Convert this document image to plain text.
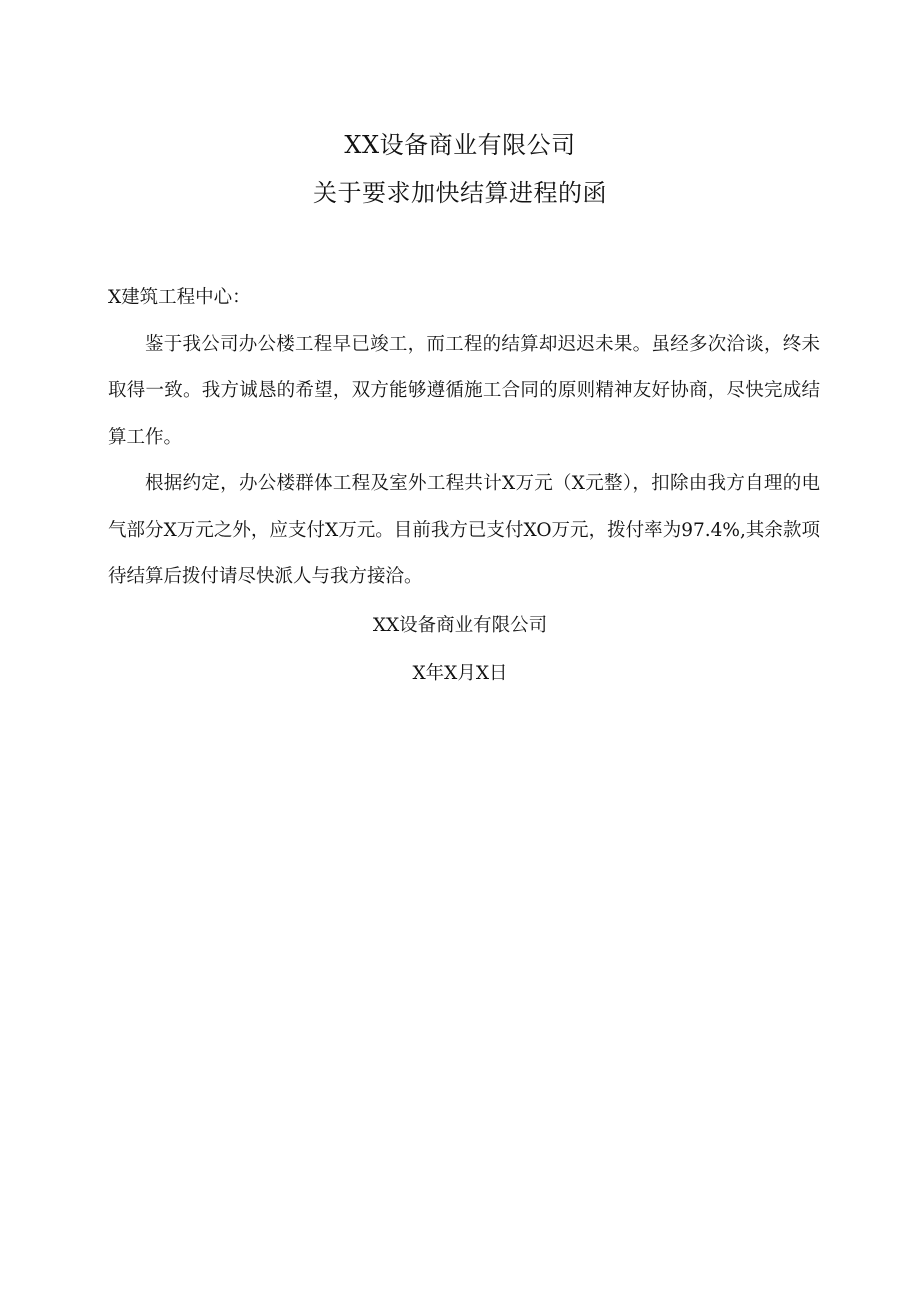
XX设备商业有限公司
关于要求加快结算进程的函

X建筑工程中心：

鉴于我公司办公楼工程早已竣工，而工程的结算却迟迟未果。虽经多次洽谈，终未取得一致。我方诚恳的希望，双方能够遵循施工合同的原则精神友好协商，尽快完成结算工作。

根据约定，办公楼群体工程及室外工程共计X万元（X元整），扣除由我方自理的电气部分X万元之外，应支付X万元。目前我方已支付XO万元，拨付率为97.4%,其余款项待结算后拨付请尽快派人与我方接洽。

XX设备商业有限公司
X年X月X日
